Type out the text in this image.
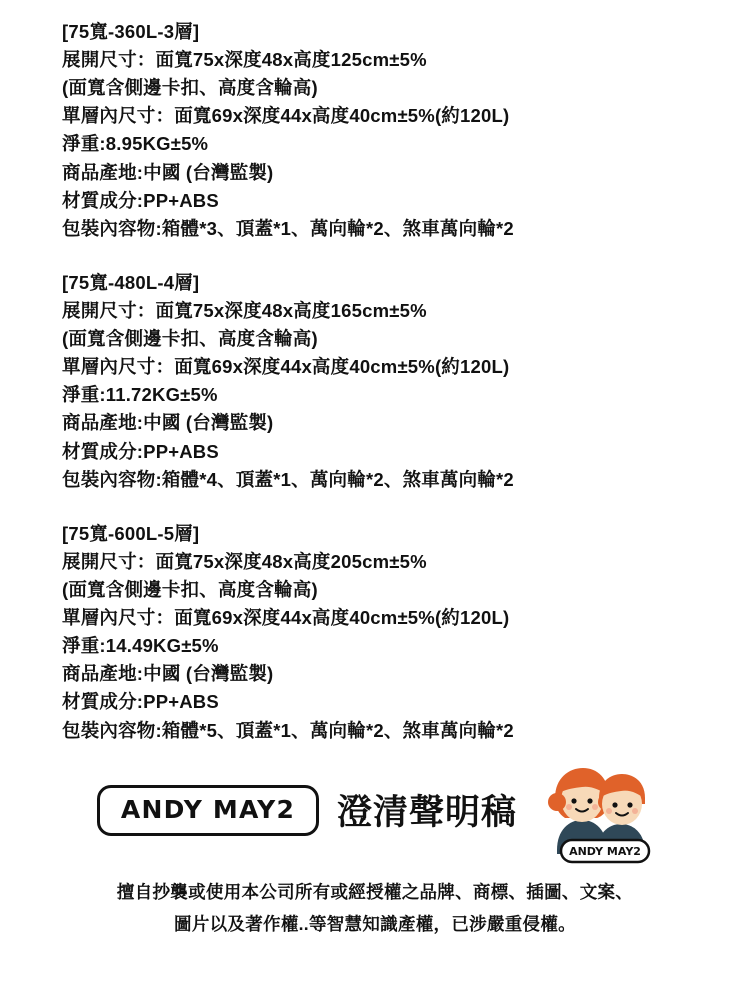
[75寬-360L-3層]
展開尺寸：面寬75x深度48x高度125cm±5%
(面寬含側邊卡扣、高度含輪高)
單層內尺寸：面寬69x深度44x高度40cm±5%(約120L)
淨重:8.95KG±5%
商品產地:中國 (台灣監製)
材質成分:PP+ABS
包裝內容物:箱體*3、頂蓋*1、萬向輪*2、煞車萬向輪*2
[75寬-480L-4層]
展開尺寸：面寬75x深度48x高度165cm±5%
(面寬含側邊卡扣、高度含輪高)
單層內尺寸：面寬69x深度44x高度40cm±5%(約120L)
淨重:11.72KG±5%
商品產地:中國 (台灣監製)
材質成分:PP+ABS
包裝內容物:箱體*4、頂蓋*1、萬向輪*2、煞車萬向輪*2
[75寬-600L-5層]
展開尺寸：面寬75x深度48x高度205cm±5%
(面寬含側邊卡扣、高度含輪高)
單層內尺寸：面寬69x深度44x高度40cm±5%(約120L)
淨重:14.49KG±5%
商品產地:中國 (台灣監製)
材質成分:PP+ABS
包裝內容物:箱體*5、頂蓋*1、萬向輪*2、煞車萬向輪*2
ANDY MAY2 澄清聲明稿
ANDY MAY2
擅自抄襲或使用本公司所有或經授權之品牌、商標、插圖、文案、
圖片以及著作權..等智慧知識產權，已涉嚴重侵權。
